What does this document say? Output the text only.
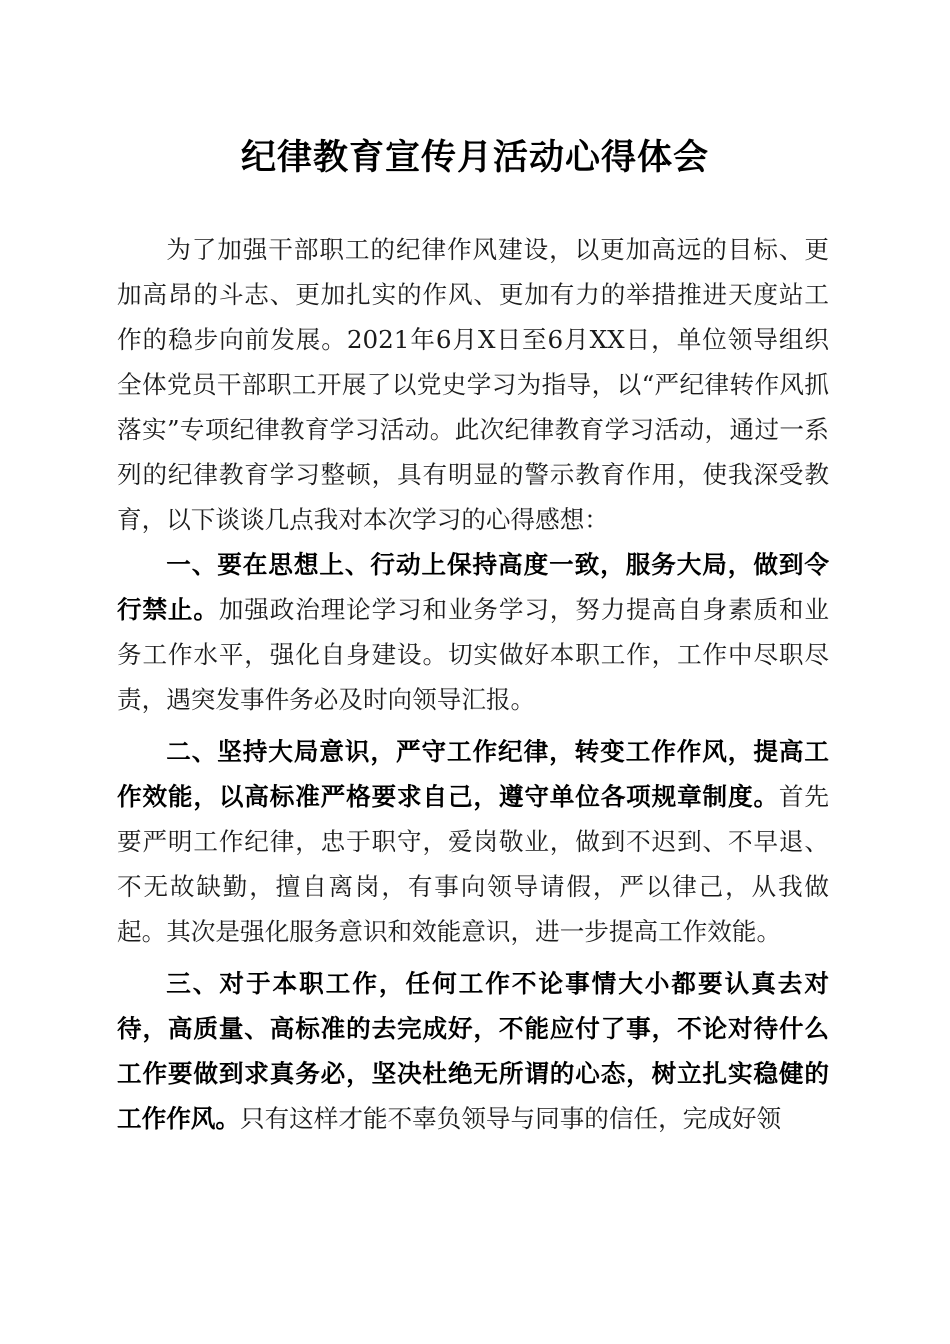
纪律教育宣传月活动心得体会

为了加强干部职工的纪律作风建设，以更加高远的目标、更加高昂的斗志、更加扎实的作风、更加有力的举措推进天度站工作的稳步向前发展。2021年6月X日至6月XX日，单位领导组织全体党员干部职工开展了以党史学习为指导，以“严纪律转作风抓落实”专项纪律教育学习活动。此次纪律教育学习活动，通过一系列的纪律教育学习整顿，具有明显的警示教育作用，使我深受教育，以下谈谈几点我对本次学习的心得感想：

一、要在思想上、行动上保持高度一致，服务大局，做到令行禁止。加强政治理论学习和业务学习，努力提高自身素质和业务工作水平，强化自身建设。切实做好本职工作，工作中尽职尽责，遇突发事件务必及时向领导汇报。

二、坚持大局意识，严守工作纪律，转变工作作风，提高工作效能，以高标准严格要求自己，遵守单位各项规章制度。首先要严明工作纪律，忠于职守，爱岗敬业，做到不迟到、不早退、不无故缺勤，擅自离岗，有事向领导请假，严以律己，从我做起。其次是强化服务意识和效能意识，进一步提高工作效能。

三、对于本职工作，任何工作不论事情大小都要认真去对待，高质量、高标准的去完成好，不能应付了事，不论对待什么工作要做到求真务必，坚决杜绝无所谓的心态，树立扎实稳健的工作作风。只有这样才能不辜负领导与同事的信任，完成好领
